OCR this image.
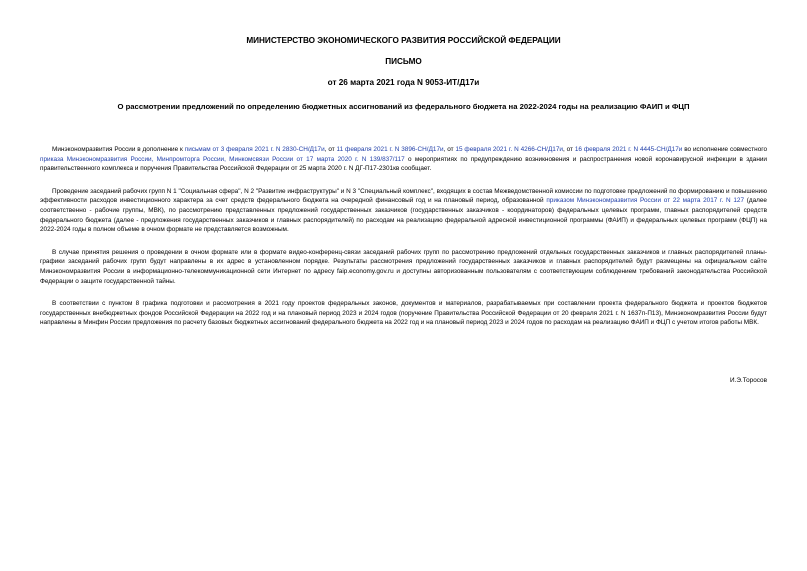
МИНИСТЕРСТВО ЭКОНОМИЧЕСКОГО РАЗВИТИЯ РОССИЙСКОЙ ФЕДЕРАЦИИ
ПИСЬМО
от 26 марта 2021 года N 9053-ИТ/Д17и
О рассмотрении предложений по определению бюджетных ассигнований из федерального бюджета на 2022-2024 годы на реализацию ФАИП и ФЦП

Минэкономразвития России в дополнение к письмам от 3 февраля 2021 г. N 2830-СН/Д17и, от 11 февраля 2021 г. N 3896-СН/Д17и, от 15 февраля 2021 г. N 4266-СН/Д17и, от 16 февраля 2021 г. N 4445-СН/Д17и во исполнение совместного приказа Минэкономразвития России, Минпромторга России, Минкомсвязи России от 17 марта 2020 г. N 139/837/117 о мероприятиях по предупреждению возникновения и распространения новой коронавирусной инфекции в здании правительственного комплекса и поручения Правительства Российской Федерации от 25 марта 2020 г. N ДГ-П17-2301кв сообщает.

Проведение заседаний рабочих групп N 1 "Социальная сфера", N 2 "Развитие инфраструктуры" и N 3 "Специальный комплекс", входящих в состав Межведомственной комиссии по подготовке предложений по формированию и повышению эффективности расходов инвестиционного характера за счет средств федерального бюджета на очередной финансовый год и на плановый период, образованной приказом Минэкономразвития России от 22 марта 2017 г. N 127 (далее соответственно - рабочие группы, МВК), по рассмотрению представленных предложений государственных заказчиков (государственных заказчиков - координаторов) федеральных целевых программ, главных распорядителей средств федерального бюджета (далее - предложения государственных заказчиков и главных распорядителей) по расходам на реализацию федеральной адресной инвестиционной программы (ФАИП) и федеральных целевых программ (ФЦП) на 2022-2024 годы в полном объеме в очном формате не представляется возможным.

В случае принятия решения о проведении в очном формате или в формате видео-конференц-связи заседаний рабочих групп по рассмотрению предложений отдельных государственных заказчиков и главных распорядителей планы-графики заседаний рабочих групп будут направлены в их адрес в установленном порядке. Результаты рассмотрения предложений государственных заказчиков и главных распорядителей будут размещены на официальном сайте Минэкономразвития России в информационно-телекоммуникационной сети Интернет по адресу faip.economy.gov.ru и доступны авторизованным пользователям с соответствующим соблюдением требований законодательства Российской Федерации о защите государственной тайны.

В соответствии с пунктом 8 графика подготовки и рассмотрения в 2021 году проектов федеральных законов, документов и материалов, разрабатываемых при составлении проекта федерального бюджета и проектов бюджетов государственных внебюджетных фондов Российской Федерации на 2022 год и на плановый период 2023 и 2024 годов (поручение Правительства Российской Федерации от 20 февраля 2021 г. N 1637п-П13), Минэкономразвития России будут направлены в Минфин России предложения по расчету базовых бюджетных ассигнований федерального бюджета на 2022 год и на плановый период 2023 и 2024 годов по расходам на реализацию ФАИП и ФЦП с учетом итогов работы МВК.

И.Э.Торосов
